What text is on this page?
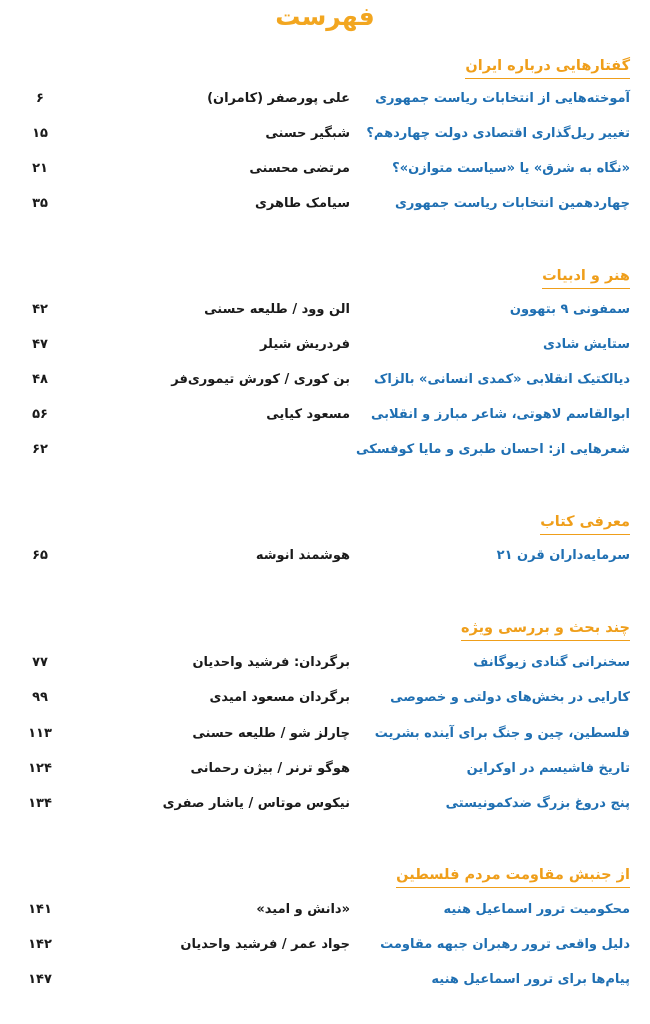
فهرست
گفتارهایی درباره ایران
آموخته‌هایی از انتخابات ریاست جمهوری
علی پورصفر (کامران)
۶
تغییر ریل‌گذاری اقتصادی دولت چهاردهم؟
شبگیر حسنی
۱۵
«نگاه به شرق» یا «سیاست متوازن»؟
مرتضی محسنی
۲۱
چهاردهمین انتخابات ریاست جمهوری
سیامک طاهری
۳۵
هنر و ادبیات
سمفونی ۹ بتهوون
الن وود / طلیعه حسنی
۴۲
ستایش شادی
فردریش شیلر
۴۷
دیالکتیک انقلابی «کمدی انسانی» بالزاک
بن کوری / کورش تیموری‌فر
۴۸
ابوالقاسم لاهوتی، شاعر مبارز و انقلابی
مسعود کیایی
۵۶
شعرهایی از: احسان طبری و مایا کوفسکی
۶۲
معرفی کتاب
سرمایه‌داران قرن ۲۱
هوشمند انوشه
۶۵
چند بحث و بررسی ویژه
سخنرانی گنادی زیوگانف
برگردان: فرشید واحدیان
۷۷
کارایی در بخش‌های دولتی و خصوصی
برگردان مسعود امیدی
۹۹
فلسطین، چین و جنگ برای آینده بشریت
چارلز شو / طلیعه حسنی
۱۱۳
تاریخ فاشیسم در اوکراین
هوگو ترنر / بیژن رحمانی
۱۲۴
پنج دروغ بزرگ ضدکمونیستی
نیکوس موتاس / یاشار صفری
۱۳۴
از جنبش مقاومت مردم فلسطین
محکومیت ترور اسماعیل هنیه
«دانش و امید»
۱۴۱
دلیل واقعی ترور رهبران جبهه مقاومت
جواد عمر / فرشید واحدیان
۱۴۲
پیام‌ها برای ترور اسماعیل هنیه
۱۴۷
